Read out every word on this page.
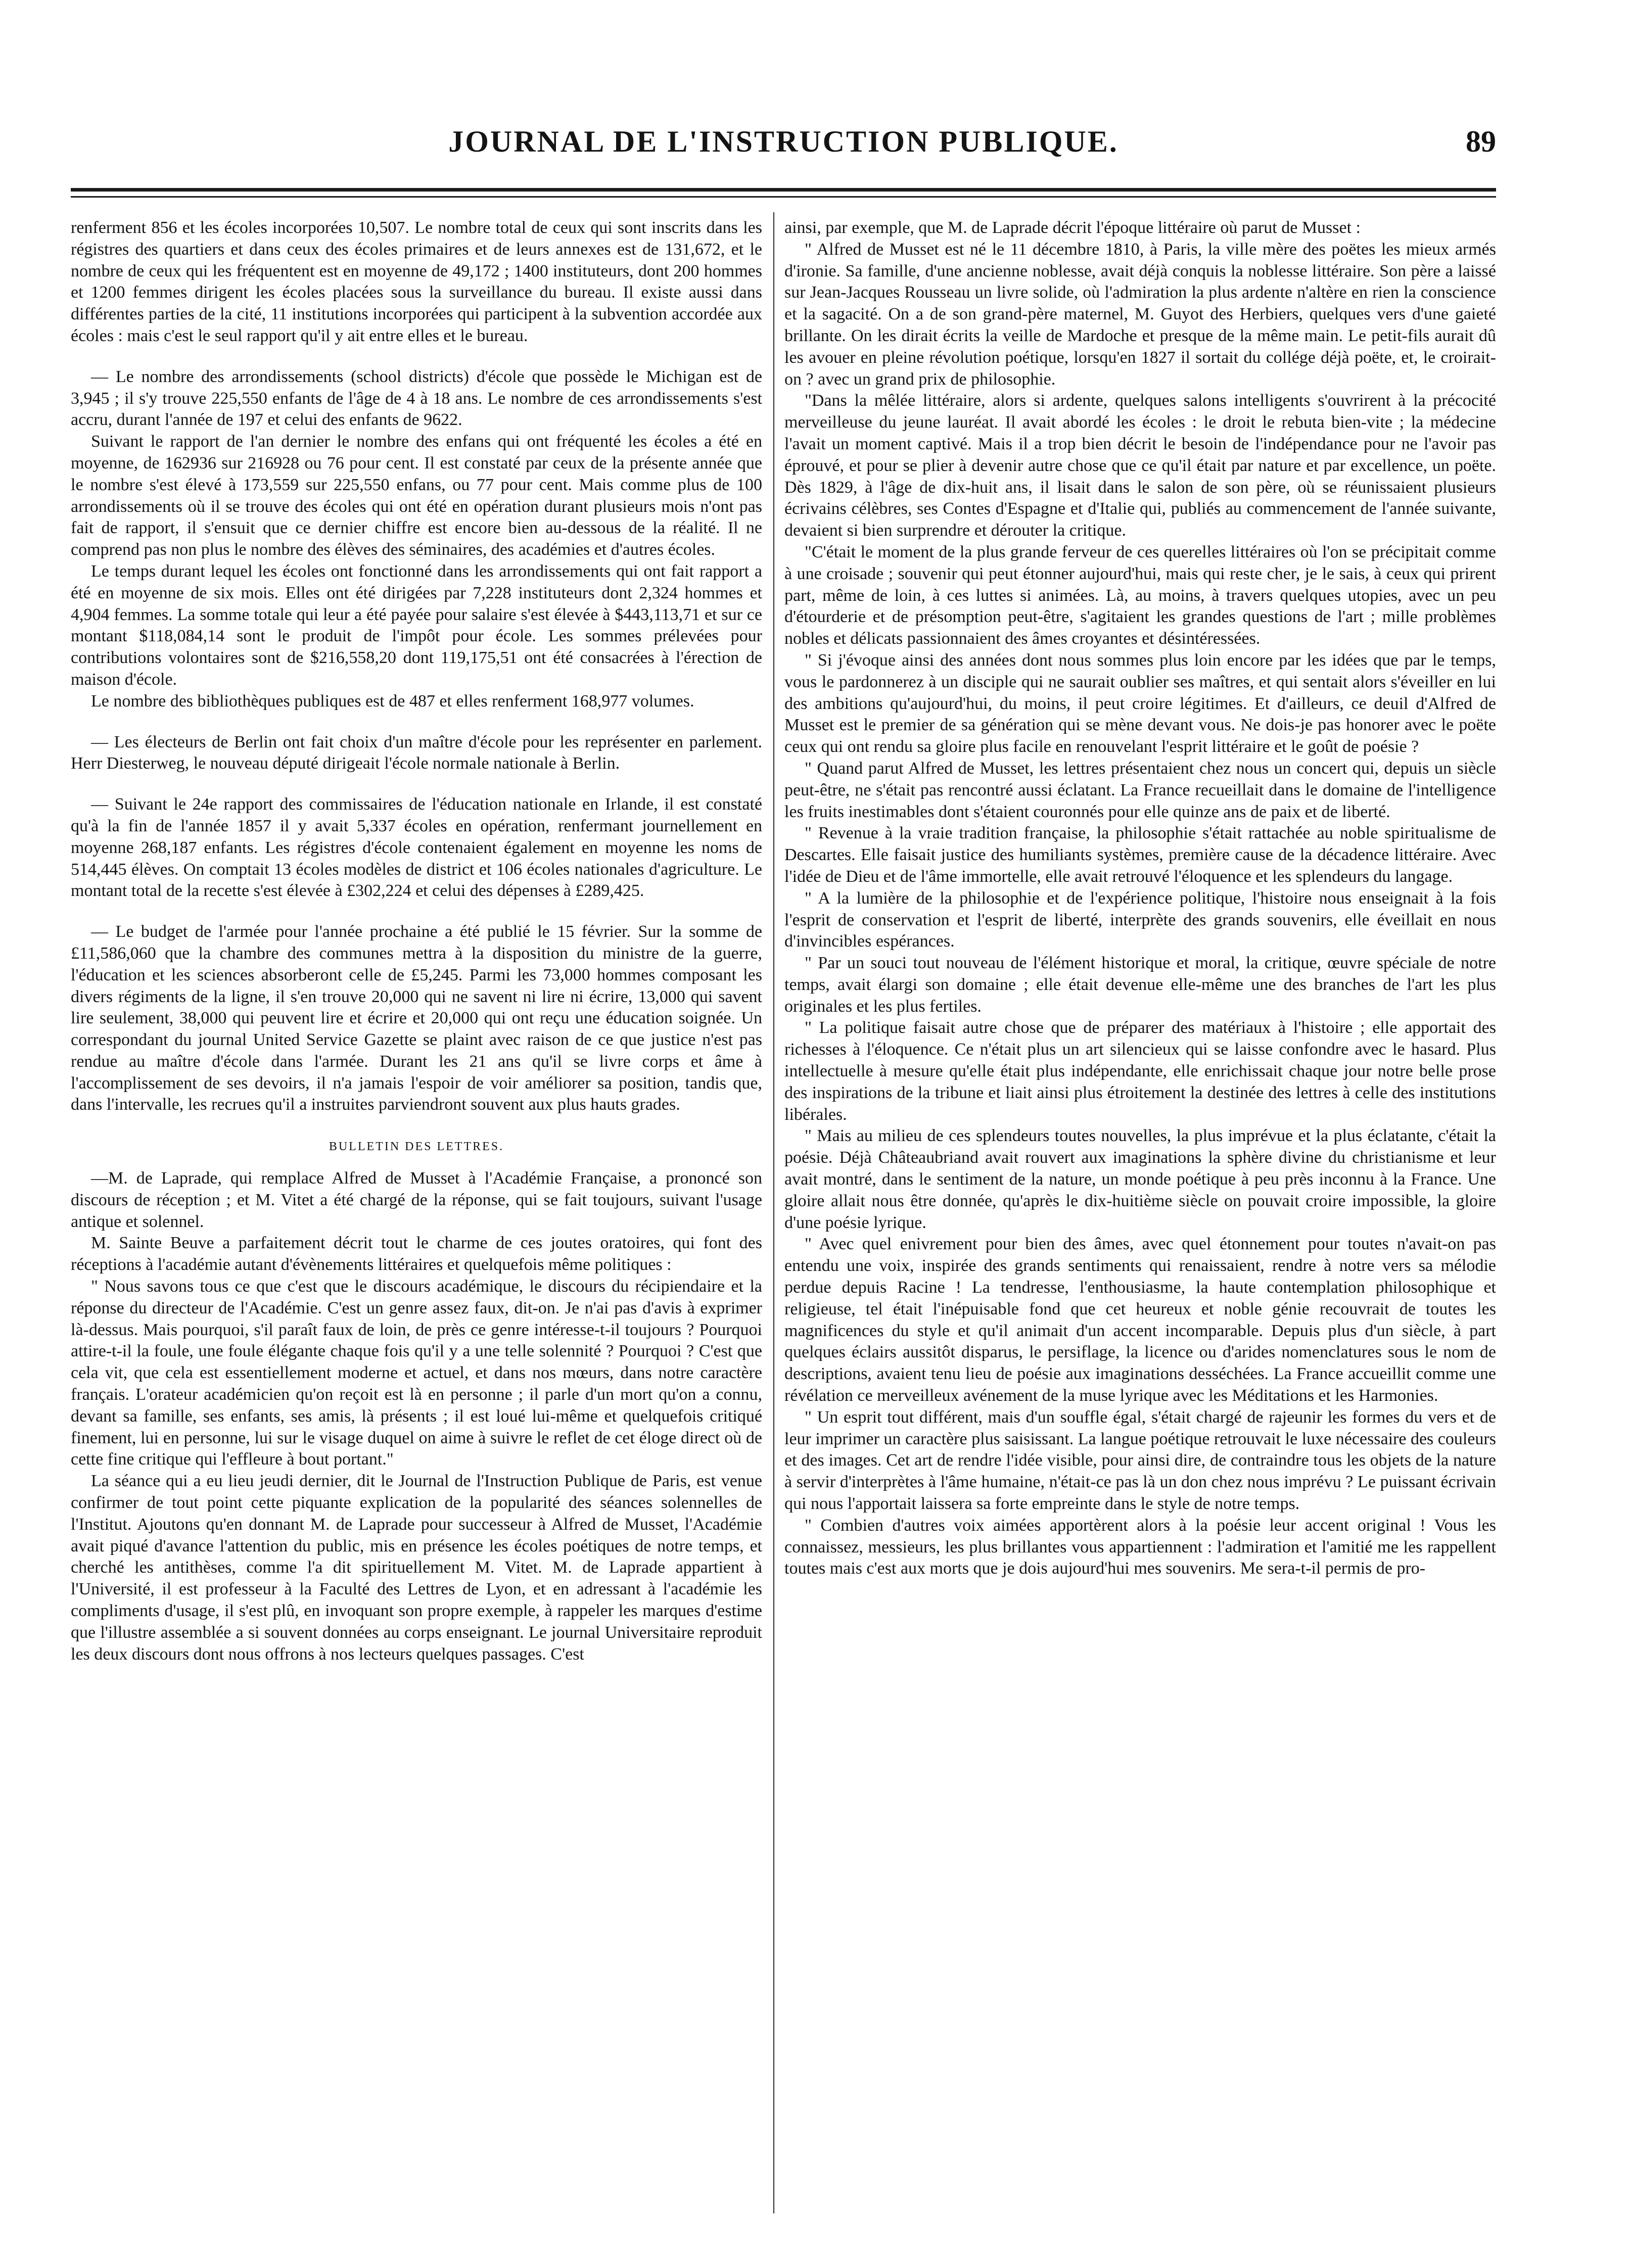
JOURNAL DE L'INSTRUCTION PUBLIQUE.	89

renferment 856 et les écoles incorporées 10,507. Le nombre total de ceux qui sont inscrits dans les régistres des quartiers et dans ceux des écoles primaires et de leurs annexes est de 131,672, et le nombre de ceux qui les fréquentent est en moyenne de 49,172 ; 1400 instituteurs, dont 200 hommes et 1200 femmes dirigent les écoles placées sous la surveillance du bureau. Il existe aussi dans différentes parties de la cité, 11 institutions incorporées qui participent à la subvention accordée aux écoles : mais c'est le seul rapport qu'il y ait entre elles et le bureau.

— Le nombre des arrondissements (school districts) d'école que possède le Michigan est de 3,945 ; il s'y trouve 225,550 enfants de l'âge de 4 à 18 ans. Le nombre de ces arrondissements s'est accru, durant l'année de 197 et celui des enfants de 9622.

Suivant le rapport de l'an dernier le nombre des enfans qui ont fréquenté les écoles a été en moyenne, de 162936 sur 216928 ou 76 pour cent. Il est constaté par ceux de la présente année que le nombre s'est élevé à 173,559 sur 225,550 enfans, ou 77 pour cent. Mais comme plus de 100 arrondissements où il se trouve des écoles qui ont été en opération durant plusieurs mois n'ont pas fait de rapport, il s'ensuit que ce dernier chiffre est encore bien au-dessous de la réalité. Il ne comprend pas non plus le nombre des élèves des séminaires, des académies et d'autres écoles.

Le temps durant lequel les écoles ont fonctionné dans les arrondissements qui ont fait rapport a été en moyenne de six mois. Elles ont été dirigées par 7,228 instituteurs dont 2,324 hommes et 4,904 femmes. La somme totale qui leur a été payée pour salaire s'est élevée à $443,113,71 et sur ce montant $118,084,14 sont le produit de l'impôt pour école. Les sommes prélevées pour contributions volontaires sont de $216,558,20 dont 119,175,51 ont été consacrées à l'érection de maison d'école.

Le nombre des bibliothèques publiques est de 487 et elles renferment 168,977 volumes.

— Les électeurs de Berlin ont fait choix d'un maître d'école pour les représenter en parlement. Herr Diesterweg, le nouveau député dirigeait l'école normale nationale à Berlin.

— Suivant le 24e rapport des commissaires de l'éducation nationale en Irlande, il est constaté qu'à la fin de l'année 1857 il y avait 5,337 écoles en opération, renfermant journellement en moyenne 268,187 enfants. Les régistres d'école contenaient également en moyenne les noms de 514,445 élèves. On comptait 13 écoles modèles de district et 106 écoles nationales d'agriculture. Le montant total de la recette s'est élevée à £302,224 et celui des dépenses à £289,425.

— Le budget de l'armée pour l'année prochaine a été publié le 15 février. Sur la somme de £11,586,060 que la chambre des communes mettra à la disposition du ministre de la guerre, l'éducation et les sciences absorberont celle de £5,245. Parmi les 73,000 hommes composant les divers régiments de la ligne, il s'en trouve 20,000 qui ne savent ni lire ni écrire, 13,000 qui savent lire seulement, 38,000 qui peuvent lire et écrire et 20,000 qui ont reçu une éducation soignée. Un correspondant du journal United Service Gazette se plaint avec raison de ce que justice n'est pas rendue au maître d'école dans l'armée. Durant les 21 ans qu'il se livre corps et âme à l'accomplissement de ses devoirs, il n'a jamais l'espoir de voir améliorer sa position, tandis que, dans l'intervalle, les recrues qu'il a instruites parviendront souvent aux plus hauts grades.

BULLETIN DES LETTRES.

—M. de Laprade, qui remplace Alfred de Musset à l'Académie Française, a prononcé son discours de réception ; et M. Vitet a été chargé de la réponse, qui se fait toujours, suivant l'usage antique et solennel.

M. Sainte Beuve a parfaitement décrit tout le charme de ces joutes oratoires, qui font des réceptions à l'académie autant d'évènements littéraires et quelquefois même politiques :

" Nous savons tous ce que c'est que le discours académique, le discours du récipiendaire et la réponse du directeur de l'Académie. C'est un genre assez faux, dit-on. Je n'ai pas d'avis à exprimer là-dessus. Mais pourquoi, s'il paraît faux de loin, de près ce genre intéresse-t-il toujours ? Pourquoi attire-t-il la foule, une foule élégante chaque fois qu'il y a une telle solennité ? Pourquoi ? C'est que cela vit, que cela est essentiellement moderne et actuel, et dans nos mœurs, dans notre caractère français. L'orateur académicien qu'on reçoit est là en personne ; il parle d'un mort qu'on a connu, devant sa famille, ses enfants, ses amis, là présents ; il est loué lui-même et quelquefois critiqué finement, lui en personne, lui sur le visage duquel on aime à suivre le reflet de cet éloge direct où de cette fine critique qui l'effleure à bout portant."

La séance qui a eu lieu jeudi dernier, dit le Journal de l'Instruction Publique de Paris, est venue confirmer de tout point cette piquante explication de la popularité des séances solennelles de l'Institut. Ajoutons qu'en donnant M. de Laprade pour successeur à Alfred de Musset, l'Académie avait piqué d'avance l'attention du public, mis en présence les écoles poétiques de notre temps, et cherché les antithèses, comme l'a dit spirituellement M. Vitet. M. de Laprade appartient à l'Université, il est professeur à la Faculté des Lettres de Lyon, et en adressant à l'académie les compliments d'usage, il s'est plû, en invoquant son propre exemple, à rappeler les marques d'estime que l'illustre assemblée a si souvent données au corps enseignant. Le journal Universitaire reproduit les deux discours dont nous offrons à nos lecteurs quelques passages. C'est

ainsi, par exemple, que M. de Laprade décrit l'époque littéraire où parut de Musset :

" Alfred de Musset est né le 11 décembre 1810, à Paris, la ville mère des poëtes les mieux armés d'ironie. Sa famille, d'une ancienne noblesse, avait déjà conquis la noblesse littéraire. Son père a laissé sur Jean-Jacques Rousseau un livre solide, où l'admiration la plus ardente n'altère en rien la conscience et la sagacité. On a de son grand-père maternel, M. Guyot des Herbiers, quelques vers d'une gaieté brillante. On les dirait écrits la veille de Mardoche et presque de la même main. Le petit-fils aurait dû les avouer en pleine révolution poétique, lorsqu'en 1827 il sortait du collége déjà poëte, et, le croirait-on ? avec un grand prix de philosophie.

"Dans la mêlée littéraire, alors si ardente, quelques salons intelligents s'ouvrirent à la précocité merveilleuse du jeune lauréat. Il avait abordé les écoles : le droit le rebuta bien-vite ; la médecine l'avait un moment captivé. Mais il a trop bien décrit le besoin de l'indépendance pour ne l'avoir pas éprouvé, et pour se plier à devenir autre chose que ce qu'il était par nature et par excellence, un poëte. Dès 1829, à l'âge de dix-huit ans, il lisait dans le salon de son père, où se réunissaient plusieurs écrivains célèbres, ses Contes d'Espagne et d'Italie qui, publiés au commencement de l'année suivante, devaient si bien surprendre et dérouter la critique.

"C'était le moment de la plus grande ferveur de ces querelles littéraires où l'on se précipitait comme à une croisade ; souvenir qui peut étonner aujourd'hui, mais qui reste cher, je le sais, à ceux qui prirent part, même de loin, à ces luttes si animées. Là, au moins, à travers quelques utopies, avec un peu d'étourderie et de présomption peut-être, s'agitaient les grandes questions de l'art ; mille problèmes nobles et délicats passionnaient des âmes croyantes et désintéressées.

" Si j'évoque ainsi des années dont nous sommes plus loin encore par les idées que par le temps, vous le pardonnerez à un disciple qui ne saurait oublier ses maîtres, et qui sentait alors s'éveiller en lui des ambitions qu'aujourd'hui, du moins, il peut croire légitimes. Et d'ailleurs, ce deuil d'Alfred de Musset est le premier de sa génération qui se mène devant vous. Ne dois-je pas honorer avec le poëte ceux qui ont rendu sa gloire plus facile en renouvelant l'esprit littéraire et le goût de poésie ?

" Quand parut Alfred de Musset, les lettres présentaient chez nous un concert qui, depuis un siècle peut-être, ne s'était pas rencontré aussi éclatant. La France recueillait dans le domaine de l'intelligence les fruits inestimables dont s'étaient couronnés pour elle quinze ans de paix et de liberté.

" Revenue à la vraie tradition française, la philosophie s'était rattachée au noble spiritualisme de Descartes. Elle faisait justice des humiliants systèmes, première cause de la décadence littéraire. Avec l'idée de Dieu et de l'âme immortelle, elle avait retrouvé l'éloquence et les splendeurs du langage.

" A la lumière de la philosophie et de l'expérience politique, l'histoire nous enseignait à la fois l'esprit de conservation et l'esprit de liberté, interprète des grands souvenirs, elle éveillait en nous d'invincibles espérances.

" Par un souci tout nouveau de l'élément historique et moral, la critique, œuvre spéciale de notre temps, avait élargi son domaine ; elle était devenue elle-même une des branches de l'art les plus originales et les plus fertiles.

" La politique faisait autre chose que de préparer des matériaux à l'histoire ; elle apportait des richesses à l'éloquence. Ce n'était plus un art silencieux qui se laisse confondre avec le hasard. Plus intellectuelle à mesure qu'elle était plus indépendante, elle enrichissait chaque jour notre belle prose des inspirations de la tribune et liait ainsi plus étroitement la destinée des lettres à celle des institutions libérales.

" Mais au milieu de ces splendeurs toutes nouvelles, la plus imprévue et la plus éclatante, c'était la poésie. Déjà Châteaubriand avait rouvert aux imaginations la sphère divine du christianisme et leur avait montré, dans le sentiment de la nature, un monde poétique à peu près inconnu à la France. Une gloire allait nous être donnée, qu'après le dix-huitième siècle on pouvait croire impossible, la gloire d'une poésie lyrique.

" Avec quel enivrement pour bien des âmes, avec quel étonnement pour toutes n'avait-on pas entendu une voix, inspirée des grands sentiments qui renaissaient, rendre à notre vers sa mélodie perdue depuis Racine ! La tendresse, l'enthousiasme, la haute contemplation philosophique et religieuse, tel était l'inépuisable fond que cet heureux et noble génie recouvrait de toutes les magnificences du style et qu'il animait d'un accent incomparable. Depuis plus d'un siècle, à part quelques éclairs aussitôt disparus, le persiflage, la licence ou d'arides nomenclatures sous le nom de descriptions, avaient tenu lieu de poésie aux imaginations desséchées. La France accueillit comme une révélation ce merveilleux avénement de la muse lyrique avec les Méditations et les Harmonies.

" Un esprit tout différent, mais d'un souffle égal, s'était chargé de rajeunir les formes du vers et de leur imprimer un caractère plus saisissant. La langue poétique retrouvait le luxe nécessaire des couleurs et des images. Cet art de rendre l'idée visible, pour ainsi dire, de contraindre tous les objets de la nature à servir d'interprètes à l'âme humaine, n'était-ce pas là un don chez nous imprévu ? Le puissant écrivain qui nous l'apportait laissera sa forte empreinte dans le style de notre temps.

" Combien d'autres voix aimées apportèrent alors à la poésie leur accent original ! Vous les connaissez, messieurs, les plus brillantes vous appartiennent : l'admiration et l'amitié me les rappellent toutes mais c'est aux morts que je dois aujourd'hui mes souvenirs. Me sera-t-il permis de pro-
